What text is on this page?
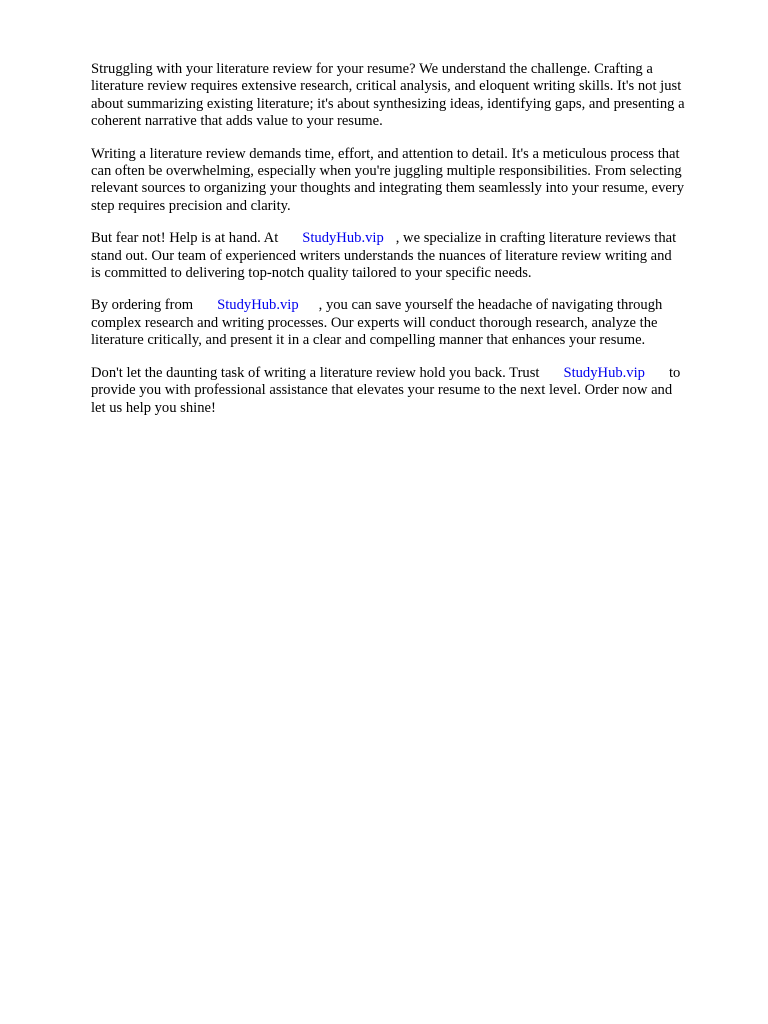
Struggling with your literature review for your resume? We understand the challenge. Crafting a
literature review requires extensive research, critical analysis, and eloquent writing skills. It's not just
about summarizing existing literature; it's about synthesizing ideas, identifying gaps, and presenting a
coherent narrative that adds value to your resume.

Writing a literature review demands time, effort, and attention to detail. It's a meticulous process that
can often be overwhelming, especially when you're juggling multiple responsibilities. From selecting
relevant sources to organizing your thoughts and integrating them seamlessly into your resume, every
step requires precision and clarity.

But fear not! Help is at hand. At StudyHub.vip , we specialize in crafting literature reviews that
stand out. Our team of experienced writers understands the nuances of literature review writing and
is committed to delivering top-notch quality tailored to your specific needs.

By ordering from StudyHub.vip , you can save yourself the headache of navigating through
complex research and writing processes. Our experts will conduct thorough research, analyze the
literature critically, and present it in a clear and compelling manner that enhances your resume.

Don't let the daunting task of writing a literature review hold you back. Trust StudyHub.vip to
provide you with professional assistance that elevates your resume to the next level. Order now and
let us help you shine!
